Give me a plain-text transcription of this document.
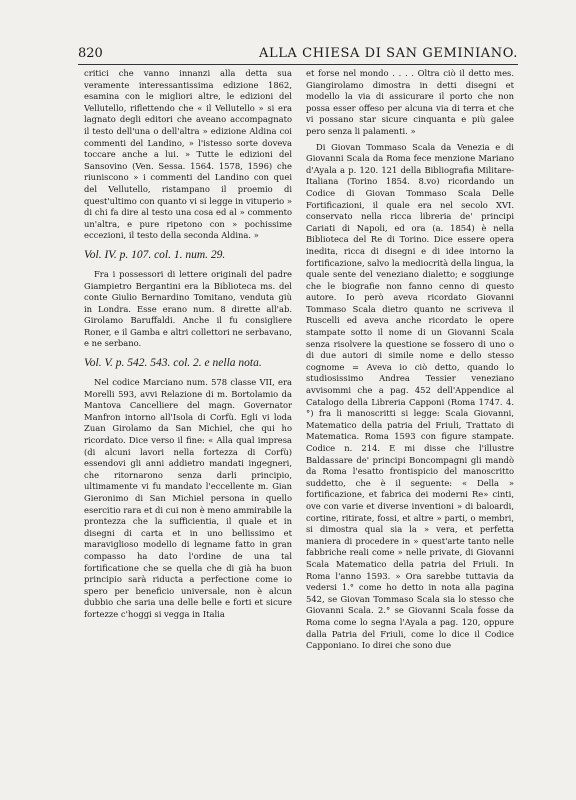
820	ALLA CHIESA DI SAN GEMINIANO.

critici che vanno innanzi alla detta sua veramente interessantissima edizione 1862, esamina con le migliori altre, le edizioni del Vellutello, riflettendo che « il Vellutello » si era lagnato degli editori che aveano accompagnato il testo dell'una o dell'altra » edizione Aldina coi commenti del Landino, » l'istesso sorte doveva toccare anche a lui. » Tutte le edizioni del Sansovino (Ven. Sessa. 1564. 1578, 1596) che riuniscono » i commenti del Landino con quei del Vellutello, ristampano il proemio di quest'ultimo con quanto vi si legge in vituperio » di chi fa dire al testo una cosa ed al » commento un'altra, e pure ripetono con » pochissime eccezioni, il testo della seconda Aldina. »

Vol. IV. p. 107. col. 1. num. 29.

Fra i possessori di lettere originali del padre Giampietro Bergantini era la Biblioteca ms. del conte Giulio Bernardino Tomitano, venduta giù in Londra. Esse erano num. 8 dirette all'ab. Girolamo Baruffaldi. Anche il fu consigliere Roner, e il Gamba e altri collettori ne serbavano, e ne serbano.

Vol. V. p. 542. 543. col. 2. e nella nota.

Nel codice Marciano num. 578 classe VII, era Morelli 593, avvi Relazione di m. Bortolamio da Mantova Cancelliere del magn. Governator Manfron intorno all'Isola di Corfù. Egli vi loda Zuan Girolamo da San Michiel, che qui ho ricordato. Dice verso il fine: « Alla qual impresa (di alcuni lavori nella fortezza di Corfù) essendovi gli anni addietro mandati ingegneri, che ritornarono senza darli principio, ultimamente vi fu mandato l'eccellente m. Gian Gieronimo di San Michiel persona in quello esercitio rara et di cui non è meno ammirabile la prontezza che la sufficientia, il quale et in disegni di carta et in uno bellissimo et maraviglioso modello di legname fatto in gran compasso ha dato l'ordine de una tal fortificatione che se quella che di già ha buon principio sarà riducta a perfectione come io spero per beneficio universale, non è alcun dubbio che saria una delle belle e forti et sicure fortezze c'hoggi si vegga in Italia

et forse nel mondo . . . . Oltra ciò il detto mes. Giangirolamo dimostra in detti disegni et modello la via di assicurare il porto che non possa esser offeso per alcuna via di terra et che vi possano star sicure cinquanta e più galee pero senza li palamenti. »

Di Giovan Tommaso Scala da Venezia e di Giovanni Scala da Roma fece menzione Mariano d'Ayala a p. 120. 121 della Bibliografia Militare-Italiana (Torino 1854. 8.vo) ricordando un Codice di Giovan Tommaso Scala Delle Fortificazioni, il quale era nel secolo XVI. conservato nella ricca libreria de' principi Cariati di Napoli, ed ora (a. 1854) è nella Biblioteca del Re di Torino. Dice essere opera inedita, ricca di disegni e di idee intorno la fortificazione, salvo la mediocrità della lingua, la quale sente del veneziano dialetto; e soggiunge che le biografie non fanno cenno di questo autore. Io però aveva ricordato Giovanni Tommaso Scala dietro quanto ne scriveva il Ruscelli ed aveva anche ricordato le opere stampate sotto il nome di un Giovanni Scala senza risolvere la questione se fossero di uno o di due autori di simile nome e dello stesso cognome = Aveva io ciò detto, quando lo studiosissimo Andrea Tessier veneziano avvisommi che a pag. 452 dell'Appendice al Catalogo della Libreria Capponi (Roma 1747. 4.°) fra li manoscritti si legge: Scala Giovanni, Matematico della patria del Friuli, Trattato di Matematica. Roma 1593 con figure stampate. Codice n. 214. E mi disse che l'illustre Baldassare de' principi Boncompagni gli mandò da Roma l'esatto frontispicio del manoscritto suddetto, che è il seguente: « Della » fortificazione, et fabrica dei moderni Re» cinti, ove con varie et diverse inventioni » di baloardi, cortine, ritirate, fossi, et altre » parti, o membri, si dimostra qual sia la » vera, et perfetta maniera di procedere in » quest'arte tanto nelle fabbriche reali come » nelle private, di Giovanni Scala Matematico della patria del Friuli. In Roma l'anno 1593. » Ora sarebbe tuttavia da vedersi 1.° come ho detto in nota alla pagina 542, se Giovan Tommaso Scala sia lo stesso che Giovanni Scala. 2.° se Giovanni Scala fosse da Roma come lo segna l'Ayala a pag. 120, oppure dalla Patria del Friuli, come lo dice il Codice Capponiano. Io direi che sono due
